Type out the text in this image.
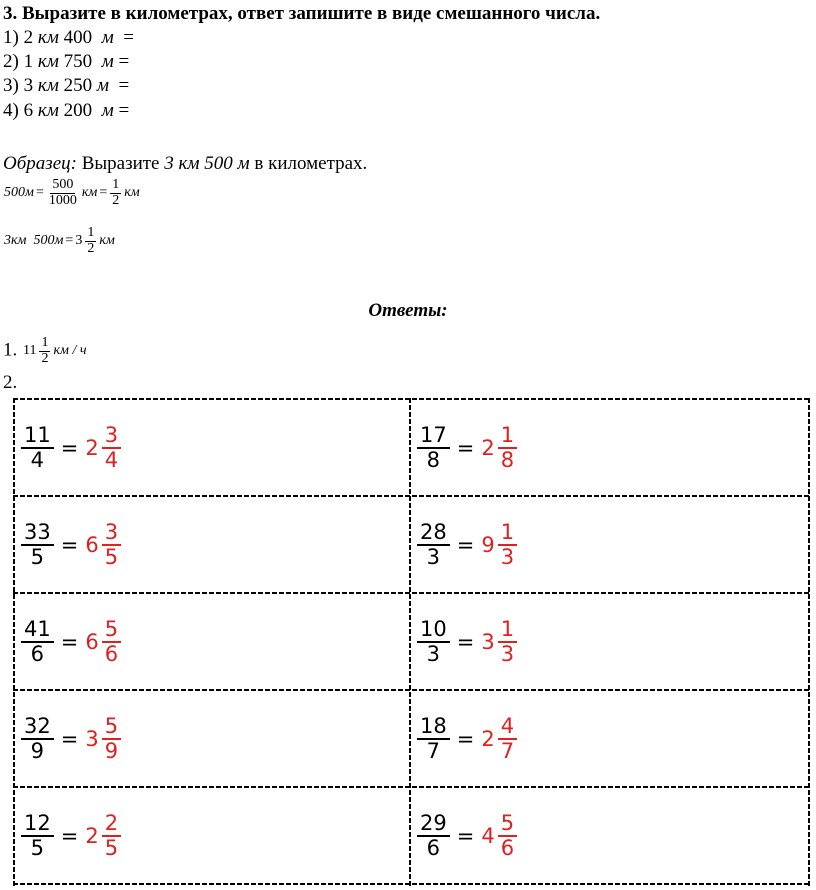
3. Выразите в километрах, ответ запишите в виде смешанного числа.
1) 2 км 400 м =
2) 1 км 750 м =
3) 3 км 250 м =
4) 6 км 200 м =
Образец: Выразите 3 км 500 м в километрах.
$500м = \frac{500}{1000}$ км = $\frac{1}{2}$ км
3км  $500м = 3 \frac{1}{2}$ км
Ответы:
1. $11 \frac{1}{2}$ км / ч
2.
$\frac{11}{4} = 2 \frac{3}{4}$	$\frac{17}{8} = 2 \frac{1}{8}$
$\frac{33}{5} = 6 \frac{3}{5}$	$\frac{28}{3} = 9 \frac{1}{3}$
$\frac{41}{6} = 6 \frac{5}{6}$	$\frac{10}{3} = 3 \frac{1}{3}$
$\frac{32}{9} = 3 \frac{5}{9}$	$\frac{18}{7} = 2 \frac{4}{7}$
$\frac{12}{5} = 2 \frac{2}{5}$	$\frac{29}{6} = 4 \frac{5}{6}$
